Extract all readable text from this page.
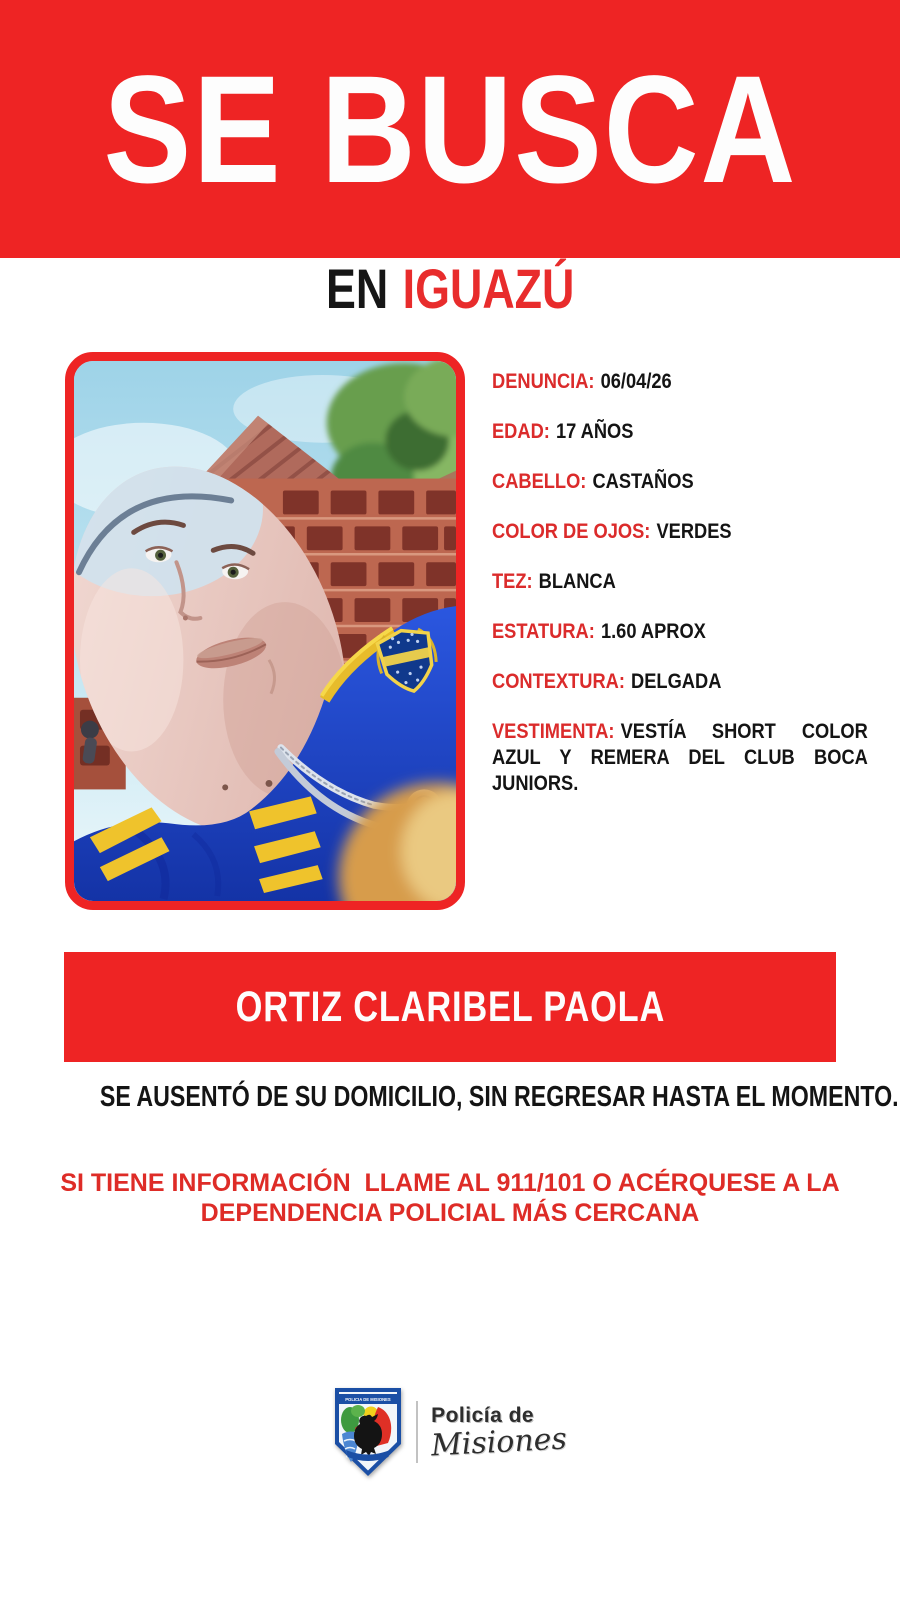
SE BUSCA
EN IGUAZÚ
DENUNCIA: 06/04/26
EDAD: 17 AÑOS
CABELLO: CASTAÑOS
COLOR DE OJOS: VERDES
TEZ: BLANCA
ESTATURA: 1.60 APROX
CONTEXTURA: DELGADA
VESTIMENTA: VESTÍA SHORT COLOR AZUL Y REMERA DEL CLUB BOCA JUNIORS.
ORTIZ CLARIBEL PAOLA
SE AUSENTÓ DE SU DOMICILIO, SIN REGRESAR HASTA EL MOMENTO.
SI TIENE INFORMACIÓN  LLAME AL 911/101 O ACÉRQUESE A LA
DEPENDENCIA POLICIAL MÁS CERCANA
POLICIA DE MISIONES
Policía de
Misiones
